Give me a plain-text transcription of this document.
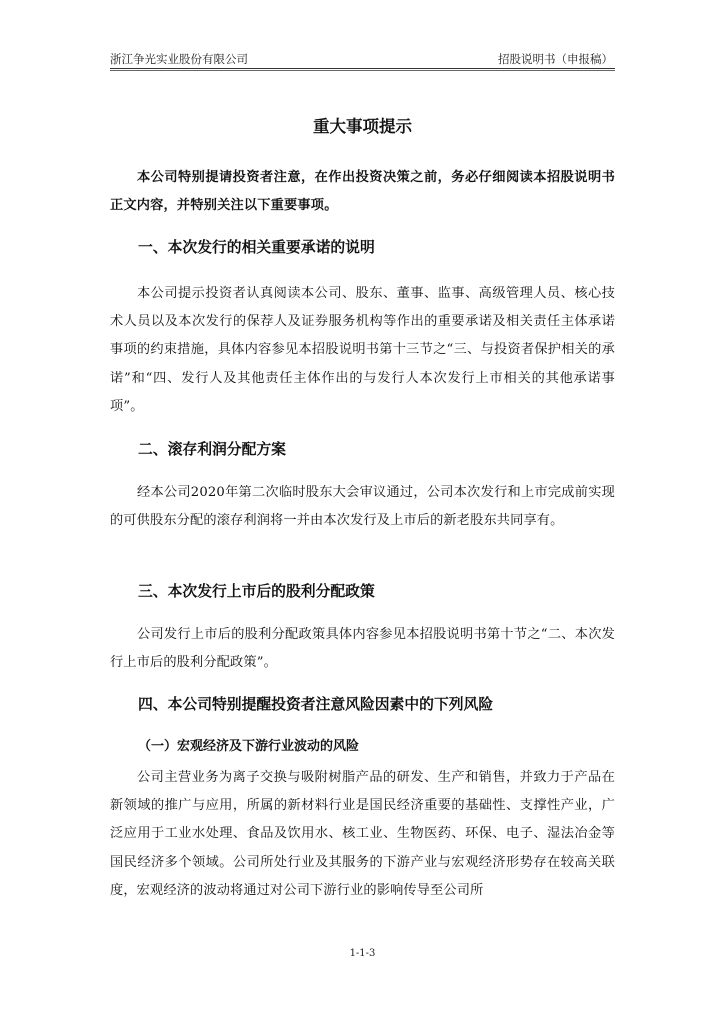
浙江争光实业股份有限公司	招股说明书（申报稿）
重大事项提示
本公司特别提请投资者注意，在作出投资决策之前，务必仔细阅读本招股说明书正文内容，并特别关注以下重要事项。
一、本次发行的相关重要承诺的说明
本公司提示投资者认真阅读本公司、股东、董事、监事、高级管理人员、核心技术人员以及本次发行的保荐人及证券服务机构等作出的重要承诺及相关责任主体承诺事项的约束措施，具体内容参见本招股说明书第十三节之“三、与投资者保护相关的承诺”和“四、发行人及其他责任主体作出的与发行人本次发行上市相关的其他承诺事项”。
二、滚存利润分配方案
经本公司2020年第二次临时股东大会审议通过，公司本次发行和上市完成前实现的可供股东分配的滚存利润将一并由本次发行及上市后的新老股东共同享有。
三、本次发行上市后的股利分配政策
公司发行上市后的股利分配政策具体内容参见本招股说明书第十节之“二、本次发行上市后的股利分配政策”。
四、本公司特别提醒投资者注意风险因素中的下列风险
（一）宏观经济及下游行业波动的风险
公司主营业务为离子交换与吸附树脂产品的研发、生产和销售，并致力于产品在新领域的推广与应用，所属的新材料行业是国民经济重要的基础性、支撑性产业，广泛应用于工业水处理、食品及饮用水、核工业、生物医药、环保、电子、湿法冶金等国民经济多个领域。公司所处行业及其服务的下游产业与宏观经济形势存在较高关联度，宏观经济的波动将通过对公司下游行业的影响传导至公司所
1-1-3
